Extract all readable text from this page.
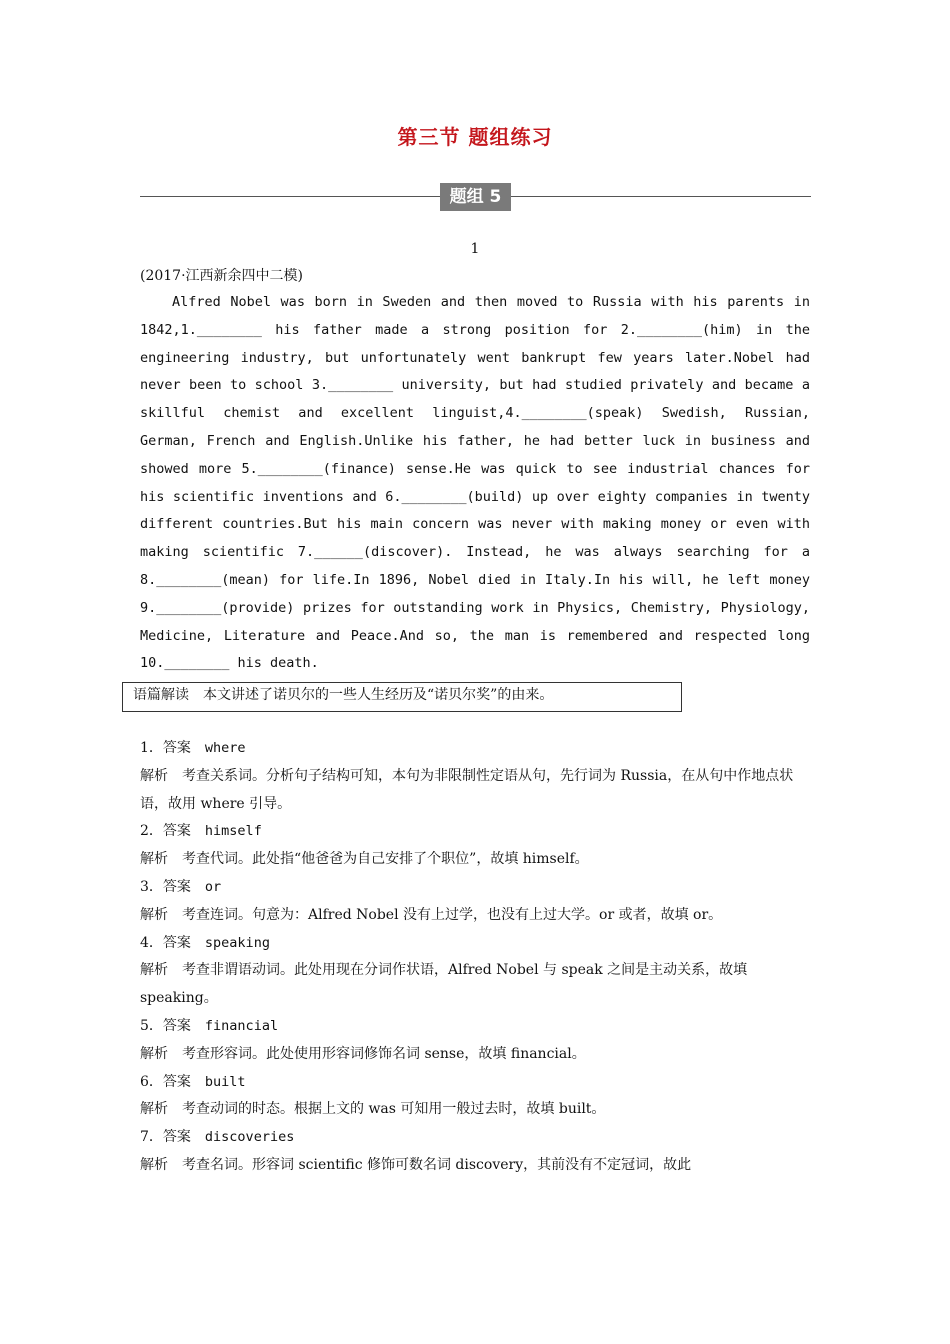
第三节 题组练习
题组 5
1
(2017·江西新余四中二模)

Alfred Nobel was born in Sweden and then moved to Russia with his parents in 1842,1.________ his father made a strong position for 2.________(him) in the engineering industry, but unfortunately went bankrupt few years later.Nobel had never been to school 3.________ university, but had studied privately and became a skillful chemist and excellent linguist,4.________(speak) Swedish, Russian, German, French and English.Unlike his father, he had better luck in business and showed more 5.________(finance) sense.He was quick to see industrial chances for his scientific inventions and 6.________(build) up over eighty companies in twenty different countries.But his main concern was never with making money or even with making scientific 7.______(discover). Instead, he was always searching for a 8.________(mean) for life.In 1896, Nobel died in Italy.In his will, he left money 9.________(provide) prizes for outstanding work in Physics, Chemistry, Physiology, Medicine, Literature and Peace.And so, the man is remembered and respected long 10.________ his death.

语篇解读 本文讲述了诺贝尔的一些人生经历及“诺贝尔奖”的由来。

1．答案 where

解析 考查关系词。分析句子结构可知，本句为非限制性定语从句，先行词为 Russia，在从句中作地点状语，故用 where 引导。

2．答案 himself

解析 考查代词。此处指“他爸爸为自己安排了个职位”，故填 himself。

3．答案 or

解析 考查连词。句意为：Alfred Nobel 没有上过学，也没有上过大学。or 或者，故填 or。

4．答案 speaking

解析 考查非谓语动词。此处用现在分词作状语，Alfred Nobel 与 speak 之间是主动关系，故填 speaking。

5．答案 financial

解析 考查形容词。此处使用形容词修饰名词 sense，故填 financial。

6．答案 built

解析 考查动词的时态。根据上文的 was 可知用一般过去时，故填 built。

7．答案 discoveries

解析 考查名词。形容词 scientific 修饰可数名词 discovery，其前没有不定冠词，故此
